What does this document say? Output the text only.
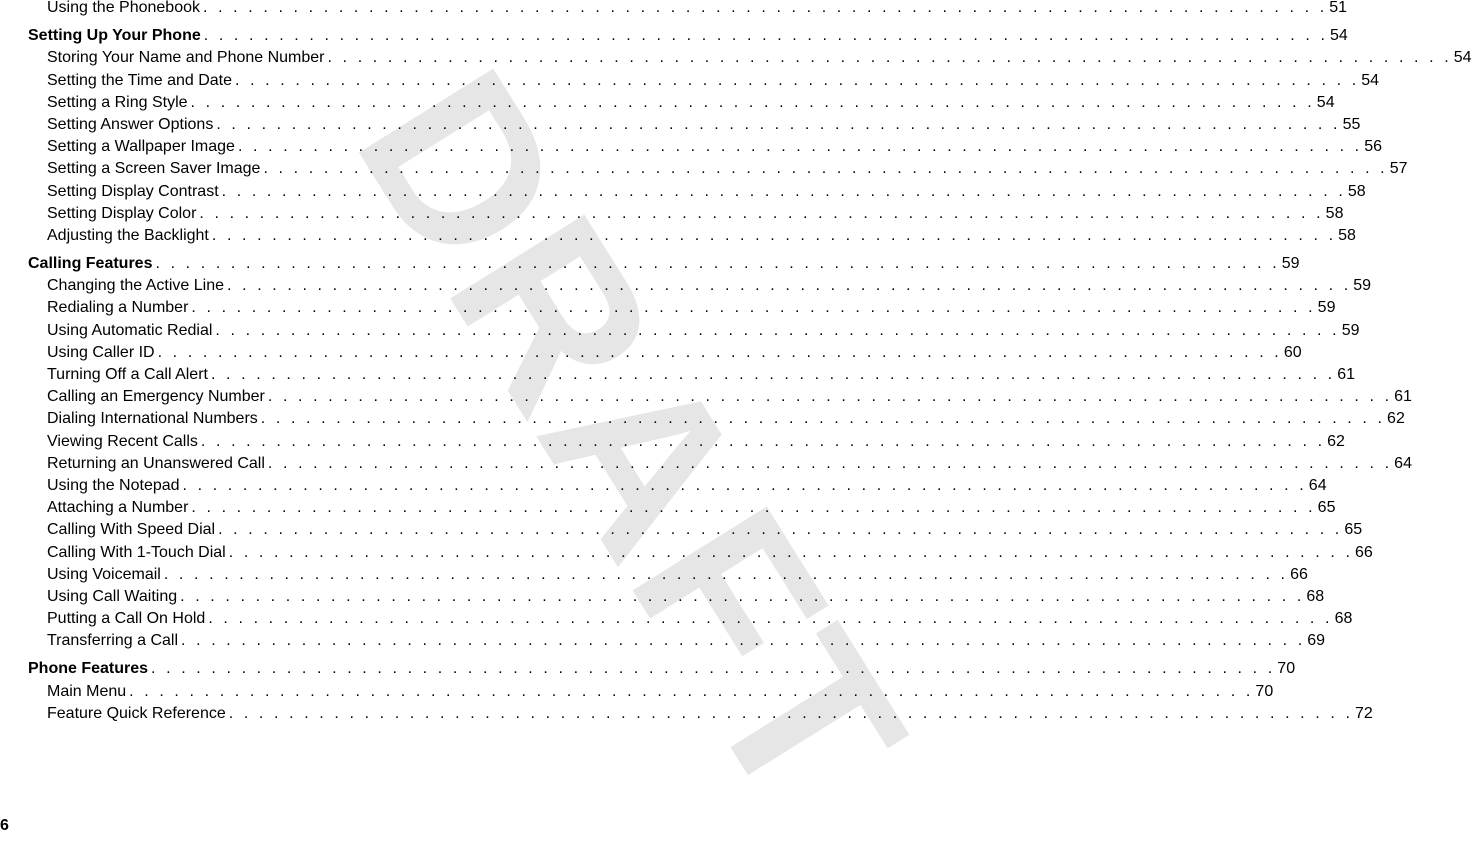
DRAFT
Using the Phonebook . . .	51
Setting Up Your Phone . . .	54
Storing Your Name and Phone Number . . .	54
Setting the Time and Date . . .	54
Setting a Ring Style . . .	54
Setting Answer Options . . .	55
Setting a Wallpaper Image . . .	56
Setting a Screen Saver Image . . .	57
Setting Display Contrast . . .	58
Setting Display Color . . .	58
Adjusting the Backlight . . .	58
Calling Features . . .	59
Changing the Active Line . . .	59
Redialing a Number . . .	59
Using Automatic Redial . . .	59
Using Caller ID . . .	60
Turning Off a Call Alert . . .	61
Calling an Emergency Number . . .	61
Dialing International Numbers . . .	62
Viewing Recent Calls . . .	62
Returning an Unanswered Call . . .	64
Using the Notepad . . .	64
Attaching a Number . . .	65
Calling With Speed Dial . . .	65
Calling With 1-Touch Dial . . .	66
Using Voicemail . . .	66
Using Call Waiting . . .	68
Putting a Call On Hold . . .	68
Transferring a Call . . .	69
Phone Features . . .	70
Main Menu . . .	70
Feature Quick Reference . . .	72
6
